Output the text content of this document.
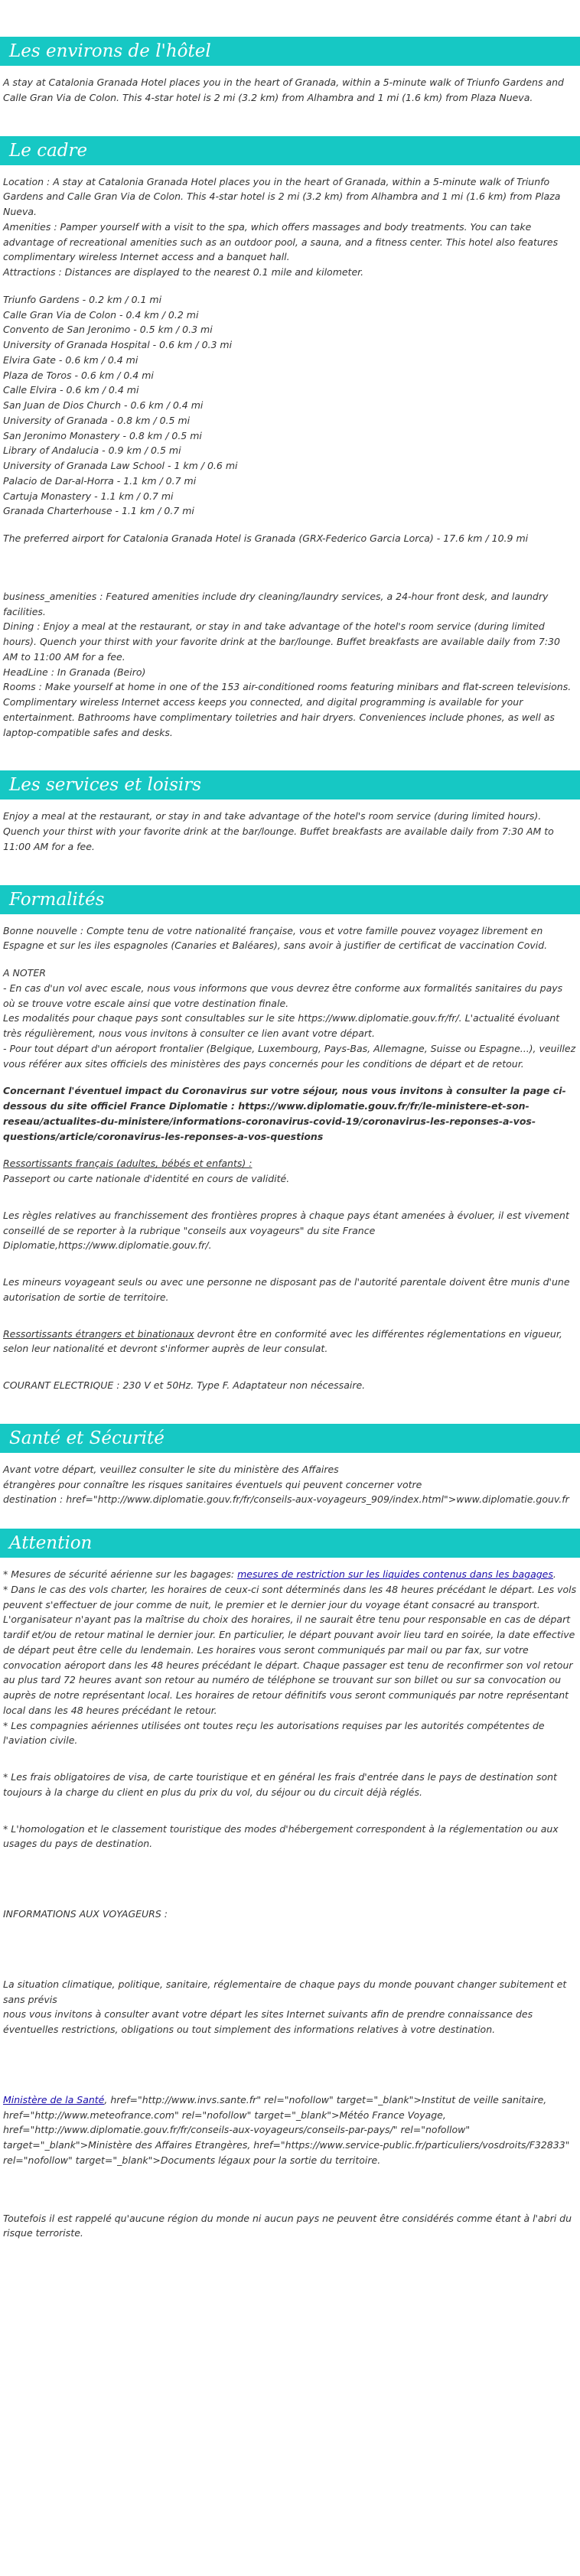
Les environs de l'hôtel

A stay at Catalonia Granada Hotel places you in the heart of Granada, within a 5-minute walk of Triunfo Gardens and Calle Gran Via de Colon. This 4-star hotel is 2 mi (3.2 km) from Alhambra and 1 mi (1.6 km) from Plaza Nueva.

Le cadre

Location : A stay at Catalonia Granada Hotel places you in the heart of Granada, within a 5-minute walk of Triunfo Gardens and Calle Gran Via de Colon. This 4-star hotel is 2 mi (3.2 km) from Alhambra and 1 mi (1.6 km) from Plaza Nueva.

Amenities : Pamper yourself with a visit to the spa, which offers massages and body treatments. You can take advantage of recreational amenities such as an outdoor pool, a sauna, and a fitness center. This hotel also features complimentary wireless Internet access and a banquet hall.

Attractions : Distances are displayed to the nearest 0.1 mile and kilometer.

Triunfo Gardens - 0.2 km / 0.1 mi
Calle Gran Via de Colon - 0.4 km / 0.2 mi
Convento de San Jeronimo - 0.5 km / 0.3 mi
University of Granada Hospital - 0.6 km / 0.3 mi
Elvira Gate - 0.6 km / 0.4 mi
Plaza de Toros - 0.6 km / 0.4 mi
Calle Elvira - 0.6 km / 0.4 mi
San Juan de Dios Church - 0.6 km / 0.4 mi
University of Granada - 0.8 km / 0.5 mi
San Jeronimo Monastery - 0.8 km / 0.5 mi
Library of Andalucia - 0.9 km / 0.5 mi
University of Granada Law School - 1 km / 0.6 mi
Palacio de Dar-al-Horra - 1.1 km / 0.7 mi
Cartuja Monastery - 1.1 km / 0.7 mi
Granada Charterhouse - 1.1 km / 0.7 mi

The preferred airport for Catalonia Granada Hotel is Granada (GRX-Federico Garcia Lorca) - 17.6 km / 10.9 mi

business_amenities : Featured amenities include dry cleaning/laundry services, a 24-hour front desk, and laundry facilities.

Dining : Enjoy a meal at the restaurant, or stay in and take advantage of the hotel's room service (during limited hours). Quench your thirst with your favorite drink at the bar/lounge. Buffet breakfasts are available daily from 7:30 AM to 11:00 AM for a fee.

HeadLine : In Granada (Beiro)

Rooms : Make yourself at home in one of the 153 air-conditioned rooms featuring minibars and flat-screen televisions. Complimentary wireless Internet access keeps you connected, and digital programming is available for your entertainment. Bathrooms have complimentary toiletries and hair dryers. Conveniences include phones, as well as laptop-compatible safes and desks.

Les services et loisirs

Enjoy a meal at the restaurant, or stay in and take advantage of the hotel's room service (during limited hours). Quench your thirst with your favorite drink at the bar/lounge. Buffet breakfasts are available daily from 7:30 AM to 11:00 AM for a fee.

Formalités

Bonne nouvelle : Compte tenu de votre nationalité française, vous et votre famille pouvez voyagez librement en Espagne et sur les iles espagnoles (Canaries et Baléares), sans avoir à justifier de certificat de vaccination Covid.

A NOTER

- En cas d'un vol avec escale, nous vous informons que vous devrez être conforme aux formalités sanitaires du pays où se trouve votre escale ainsi que votre destination finale.

Les modalités pour chaque pays sont consultables sur le site https://www.diplomatie.gouv.fr/fr/. L'actualité évoluant très régulièrement, nous vous invitons à consulter ce lien avant votre départ.

- Pour tout départ d'un aéroport frontalier (Belgique, Luxembourg, Pays-Bas, Allemagne, Suisse ou Espagne...), veuillez vous référer aux sites officiels des ministères des pays concernés pour les conditions de départ et de retour.

Concernant l'éventuel impact du Coronavirus sur votre séjour, nous vous invitons à consulter la page ci-dessous du site officiel France Diplomatie : https://www.diplomatie.gouv.fr/fr/le-ministere-et-son-reseau/actualites-du-ministere/informations-coronavirus-covid-19/coronavirus-les-reponses-a-vos-questions/article/coronavirus-les-reponses-a-vos-questions

Ressortissants français (adultes, bébés et enfants) :

Passeport ou carte nationale d'identité en cours de validité.

Les règles relatives au franchissement des frontières propres à chaque pays étant amenées à évoluer, il est vivement conseillé de se reporter à la rubrique "conseils aux voyageurs" du site France Diplomatie,https://www.diplomatie.gouv.fr/.

Les mineurs voyageant seuls ou avec une personne ne disposant pas de l'autorité parentale doivent être munis d'une autorisation de sortie de territoire.

Ressortissants étrangers et binationaux devront être en conformité avec les différentes réglementations en vigueur, selon leur nationalité et devront s'informer auprès de leur consulat.

COURANT ELECTRIQUE : 230 V et 50Hz. Type F. Adaptateur non nécessaire.

Santé et Sécurité

Avant votre départ, veuillez consulter le site du ministère des Affaires

étrangères pour connaître les risques sanitaires éventuels qui peuvent concerner votre

destination : href="http://www.diplomatie.gouv.fr/fr/conseils-aux-voyageurs_909/index.html">www.diplomatie.gouv.fr

Attention

* Mesures de sécurité aérienne sur les bagages: mesures de restriction sur les liquides contenus dans les bagages.

* Dans le cas des vols charter, les horaires de ceux-ci sont déterminés dans les 48 heures précédant le départ. Les vols peuvent s'effectuer de jour comme de nuit, le premier et le dernier jour du voyage étant consacré au transport. L'organisateur n'ayant pas la maîtrise du choix des horaires, il ne saurait être tenu pour responsable en cas de départ tardif et/ou de retour matinal le dernier jour. En particulier, le départ pouvant avoir lieu tard en soirée, la date effective de départ peut être celle du lendemain. Les horaires vous seront communiqués par mail ou par fax, sur votre convocation aéroport dans les 48 heures précédant le départ. Chaque passager est tenu de reconfirmer son vol retour au plus tard 72 heures avant son retour au numéro de téléphone se trouvant sur son billet ou sur sa convocation ou auprès de notre représentant local. Les horaires de retour définitifs vous seront communiqués par notre représentant local dans les 48 heures précédant le retour.

* Les compagnies aériennes utilisées ont toutes reçu les autorisations requises par les autorités compétentes de l'aviation civile.

* Les frais obligatoires de visa, de carte touristique et en général les frais d'entrée dans le pays de destination sont toujours à la charge du client en plus du prix du vol, du séjour ou du circuit déjà réglés.

* L'homologation et le classement touristique des modes d'hébergement correspondent à la réglementation ou aux usages du pays de destination.

INFORMATIONS AUX VOYAGEURS :

La situation climatique, politique, sanitaire, réglementaire de chaque pays du monde pouvant changer subitement et sans prévis

nous vous invitons à consulter avant votre départ les sites Internet suivants afin de prendre connaissance des éventuelles restrictions, obligations ou tout simplement des informations relatives à votre destination.

Ministère de la Santé, href="http://www.invs.sante.fr" rel="nofollow" target="_blank">Institut de veille sanitaire, href="http://www.meteofrance.com" rel="nofollow" target="_blank">Météo France Voyage, href="http://www.diplomatie.gouv.fr/fr/conseils-aux-voyageurs/conseils-par-pays/" rel="nofollow" target="_blank">Ministère des Affaires Etrangères, href="https://www.service-public.fr/particuliers/vosdroits/F32833" rel="nofollow" target="_blank">Documents légaux pour la sortie du territoire.

Toutefois il est rappelé qu'aucune région du monde ni aucun pays ne peuvent être considérés comme étant à l'abri du risque terroriste.
